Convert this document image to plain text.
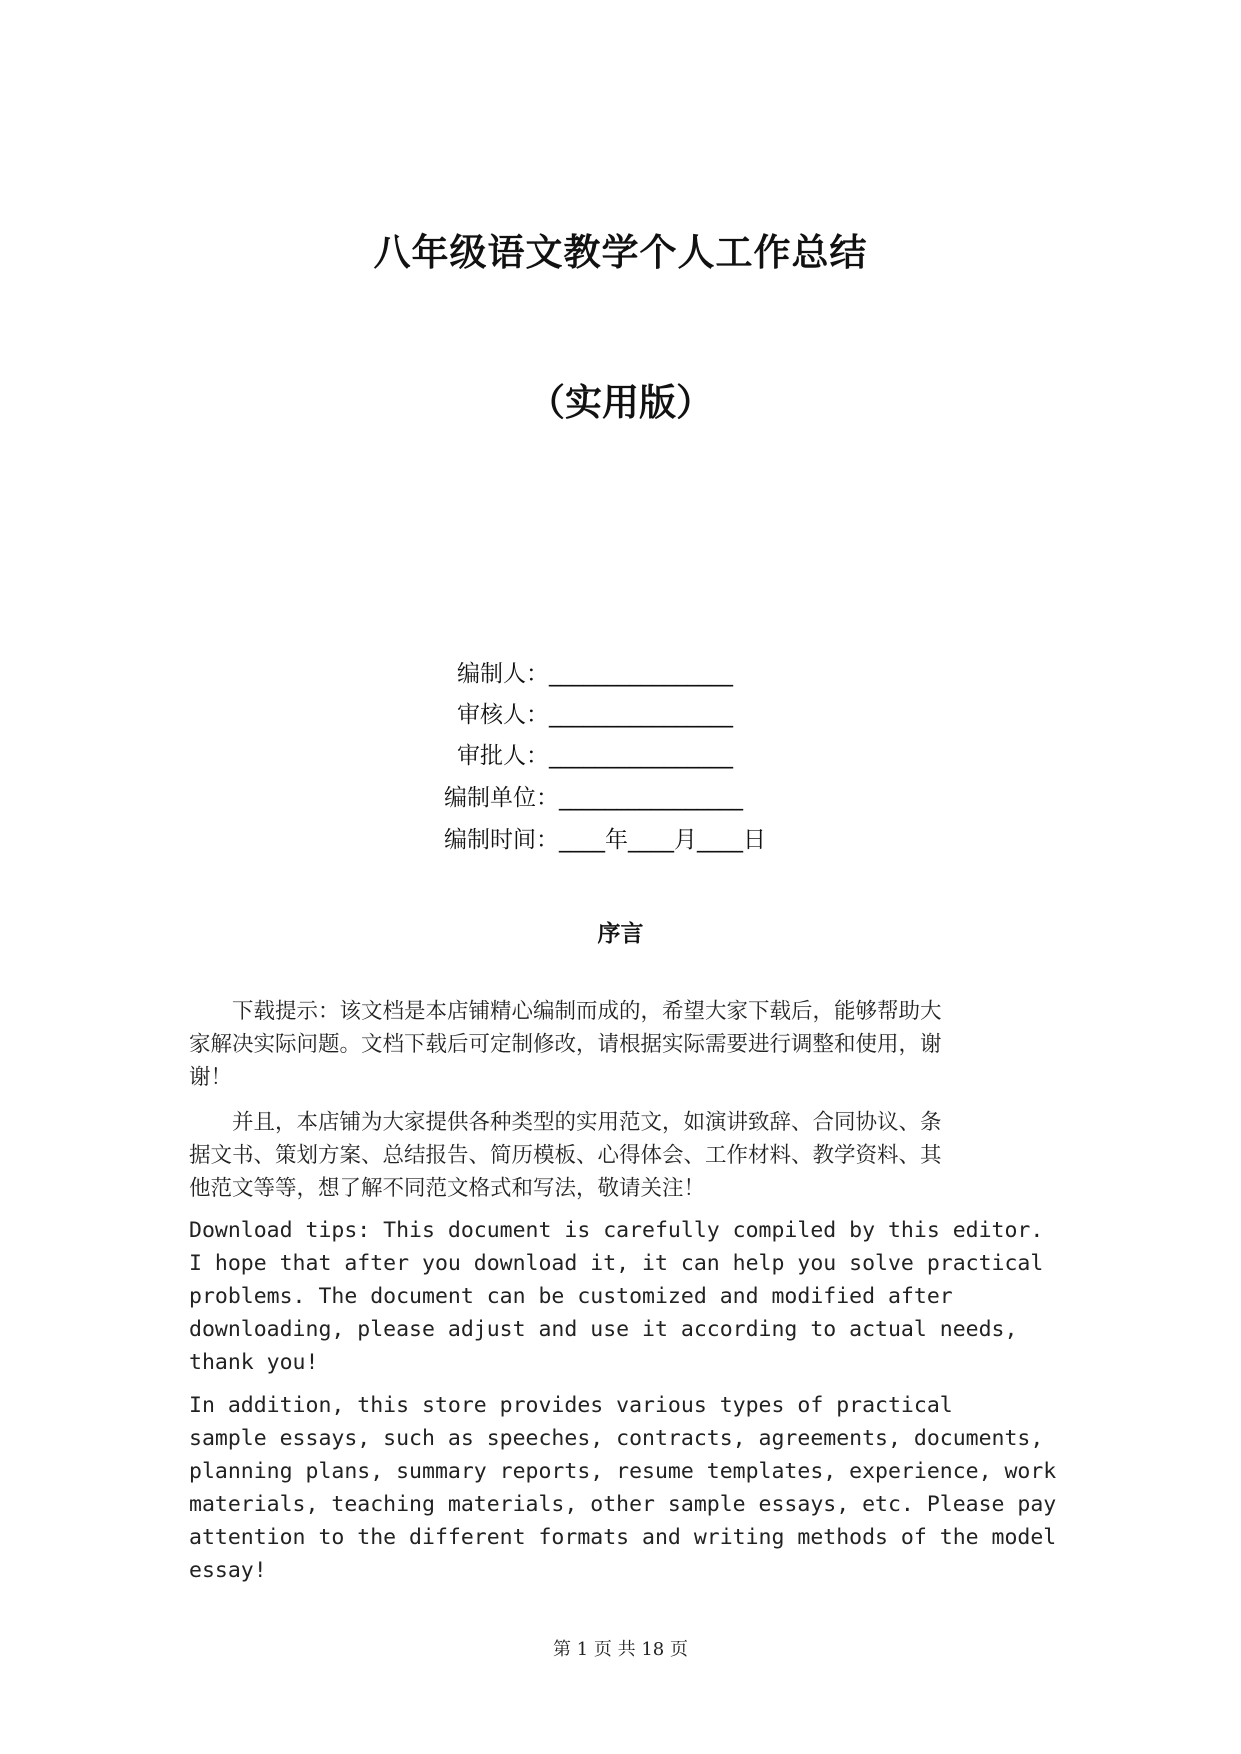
八年级语文教学个人工作总结
（实用版）
编制人：________________
审核人：________________
审批人：________________
编制单位：________________
编制时间：____年____月____日
序言

　　下载提示：该文档是本店铺精心编制而成的，希望大家下载后，能够帮助大
家解决实际问题。文档下载后可定制修改，请根据实际需要进行调整和使用，谢
谢！

　　并且，本店铺为大家提供各种类型的实用范文，如演讲致辞、合同协议、条
据文书、策划方案、总结报告、简历模板、心得体会、工作材料、教学资料、其
他范文等等，想了解不同范文格式和写法，敬请关注！

Download tips: This document is carefully compiled by this editor.
I hope that after you download it, it can help you solve practical
problems. The document can be customized and modified after
downloading, please adjust and use it according to actual needs,
thank you!

In addition, this store provides various types of practical
sample essays, such as speeches, contracts, agreements, documents,
planning plans, summary reports, resume templates, experience, work
materials, teaching materials, other sample essays, etc. Please pay
attention to the different formats and writing methods of the model
essay!

第 1 页 共 18 页
